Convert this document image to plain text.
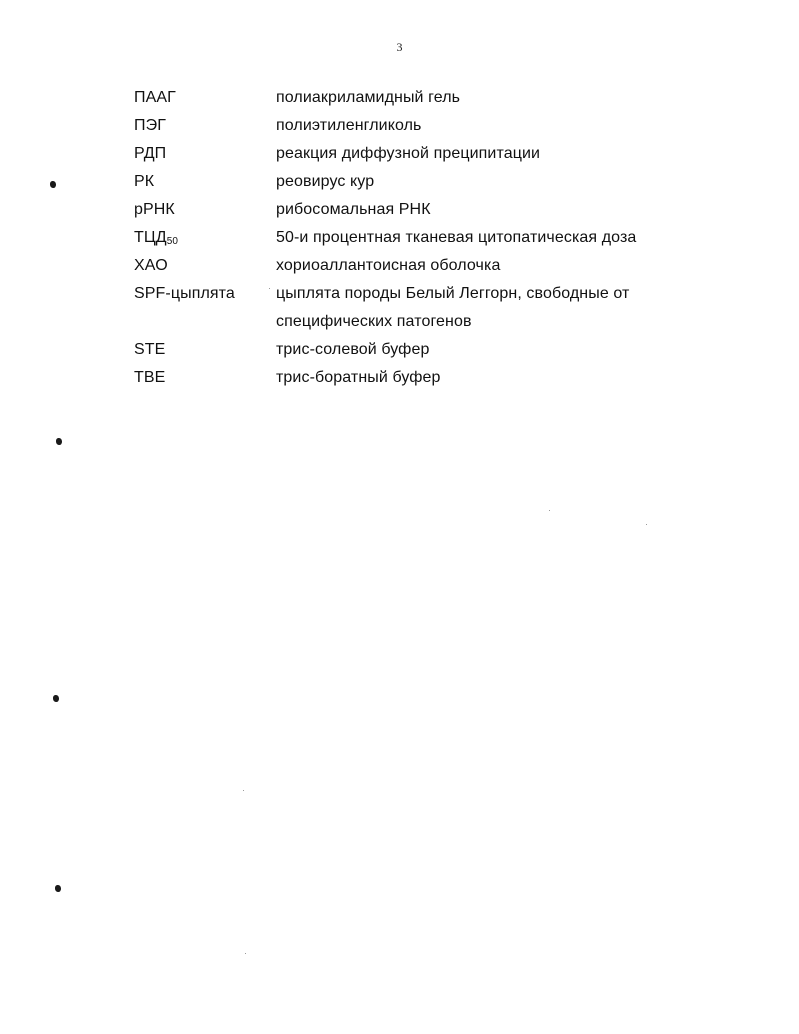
3
ПААГ	полиакриламидный гель
ПЭГ	полиэтиленгликоль
РДП	реакция диффузной преципитации
РК	реовирус кур
рРНК	рибосомальная РНК
$ТЦД_{50}$	50-и процентная тканевая цитопатическая доза
ХАО	хориоаллантоисная оболочка
SPF-цыплята	цыплята породы Белый Леггорн, свободные от специфических патогенов
STE	трис-солевой буфер
TBE	трис-боратный буфер
